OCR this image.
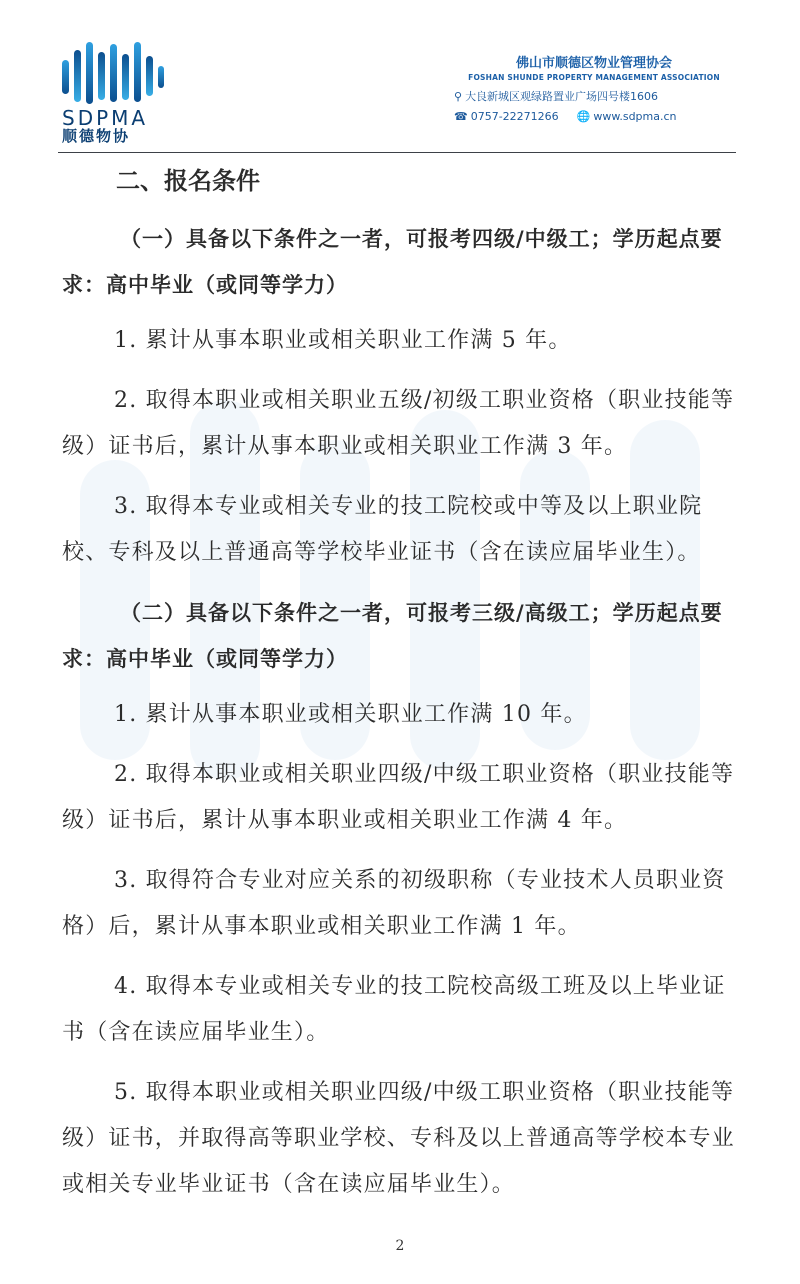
SDPMA
顺德物协
佛山市顺德区物业管理协会
FOSHAN SHUNDE PROPERTY MANAGEMENT ASSOCIATION
⚲ 大良新城区观绿路置业广场四号楼1606
☎ 0757-22271266 🌐 www.sdpma.cn

二、报名条件

（一）具备以下条件之一者，可报考四级/中级工；学历起点要求：高中毕业（或同等学力）

1. 累计从事本职业或相关职业工作满 5 年。

2. 取得本职业或相关职业五级/初级工职业资格（职业技能等级）证书后，累计从事本职业或相关职业工作满 3 年。

3. 取得本专业或相关专业的技工院校或中等及以上职业院校、专科及以上普通高等学校毕业证书（含在读应届毕业生）。

（二）具备以下条件之一者，可报考三级/高级工；学历起点要求：高中毕业（或同等学力）

1. 累计从事本职业或相关职业工作满 10 年。

2. 取得本职业或相关职业四级/中级工职业资格（职业技能等级）证书后，累计从事本职业或相关职业工作满 4 年。

3. 取得符合专业对应关系的初级职称（专业技术人员职业资格）后，累计从事本职业或相关职业工作满 1 年。

4. 取得本专业或相关专业的技工院校高级工班及以上毕业证书（含在读应届毕业生）。

5. 取得本职业或相关职业四级/中级工职业资格（职业技能等级）证书，并取得高等职业学校、专科及以上普通高等学校本专业或相关专业毕业证书（含在读应届毕业生）。

2
